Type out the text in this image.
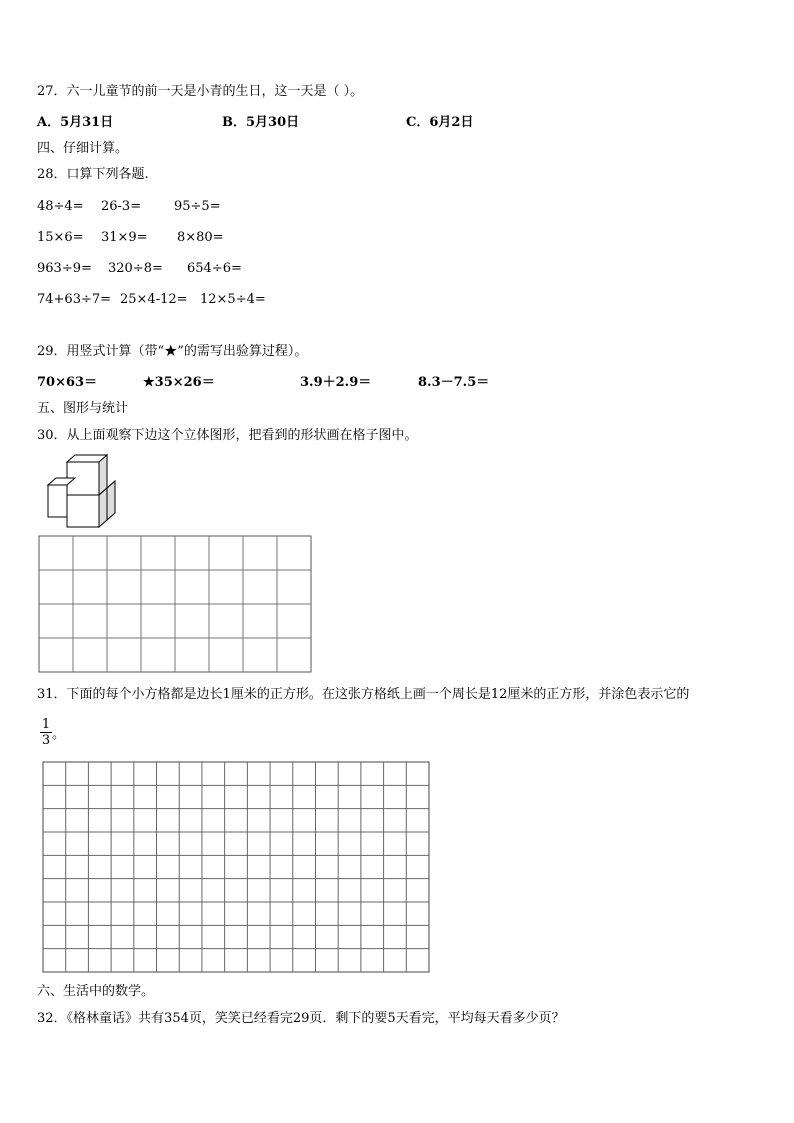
27．六一儿童节的前一天是小青的生日，这一天是（ ）。
A．5月31日	B．5月30日	C．6月2日
四、仔细计算。
28．口算下列各题.
48÷4= 26-3=	95÷5=
15×6= 31×9= 8×80=
963÷9= 320÷8= 654÷6=
74+63÷7= 25×4-12= 12×5÷4=
29．用竖式计算（带“★”的需写出验算过程）。
70×63＝	★35×26＝	3.9＋2.9＝	8.3－7.5＝
五、图形与统计
30．从上面观察下边这个立体图形，把看到的形状画在格子图中。
31．下面的每个小方格都是边长1厘米的正方形。在这张方格纸上画一个周长是12厘米的正方形，并涂色表示它的
$\frac{1}{3}$ 。
六、生活中的数学。
32．《格林童话》共有354页，笑笑已经看完29页．剩下的要5天看完，平均每天看多少页？
